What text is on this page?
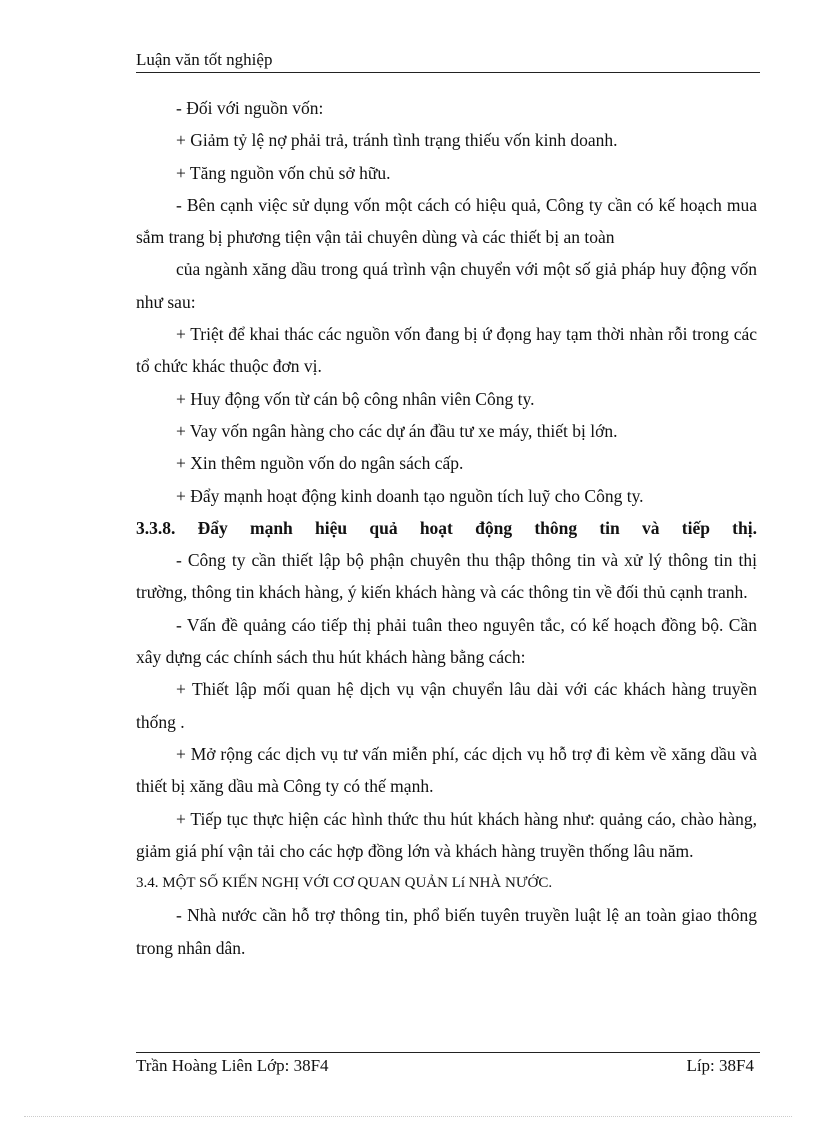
Luận văn tốt nghiệp

- Đối với nguồn vốn:

+ Giảm tỷ lệ nợ phải trả, tránh tình trạng thiếu vốn kinh doanh.

+ Tăng nguồn vốn chủ sở hữu.

- Bên cạnh việc sử dụng vốn một cách có hiệu quả, Công ty cần có kế hoạch mua sắm trang bị phương tiện vận tải chuyên dùng và các thiết bị an toàn

của ngành xăng dầu trong quá trình vận chuyển với một số giả pháp huy động vốn như sau:

+ Triệt để khai thác các nguồn vốn đang bị ứ đọng hay tạm thời nhàn rỗi trong các tổ chức khác thuộc đơn vị.

+ Huy động vốn từ cán bộ công nhân viên Công ty.

+ Vay vốn ngân hàng cho các dự án đầu tư xe máy, thiết bị lớn.

+ Xin thêm nguồn vốn do ngân sách cấp.

+ Đẩy mạnh hoạt động kinh doanh tạo nguồn tích luỹ cho Công ty.

3.3.8. Đẩy mạnh hiệu quả hoạt động thông tin và tiếp thị.

- Công ty cần thiết lập bộ phận chuyên thu thập thông tin và xử lý thông tin thị trường, thông tin khách hàng, ý kiến khách hàng và các thông tin về đối thủ cạnh tranh.

- Vấn đề quảng cáo tiếp thị phải tuân theo nguyên tắc, có kế hoạch đồng bộ. Cần xây dựng các chính sách thu hút khách hàng bằng cách:

+ Thiết lập mối quan hệ dịch vụ vận chuyển lâu dài với các khách hàng truyền thống .

+ Mở rộng các dịch vụ tư vấn miễn phí, các dịch vụ hỗ trợ đi kèm về xăng dầu và thiết bị xăng dầu mà Công ty có thế mạnh.

+ Tiếp tục thực hiện các hình thức thu hút khách hàng như: quảng cáo, chào hàng, giảm giá phí vận tải cho các hợp đồng lớn và khách hàng truyền thống lâu năm.

3.4. MỘT SỐ KIẾN NGHỊ VỚI CƠ QUAN QUẢN Lí NHÀ NƯỚC.

- Nhà nước cần hỗ trợ thông tin, phổ biến tuyên truyền luật lệ an toàn giao thông trong nhân dân.

Trần Hoàng Liên Lớp: 38F4	Líp: 38F4
